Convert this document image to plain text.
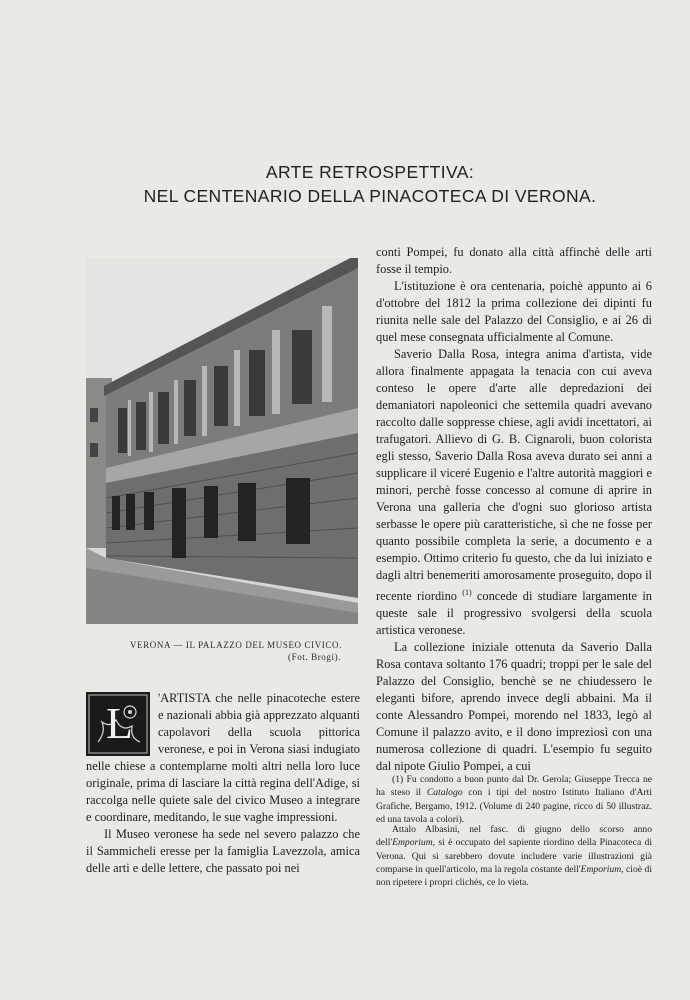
ARTE RETROSPETTIVA:
NEL CENTENARIO DELLA PINACOTECA DI VERONA.
VERONA — IL PALAZZO DEL MUSEO CIVICO.
(Fot. Brogi).

L
'ARTISTA che nelle pinacoteche estere e nazionali abbia già apprezzato alquanti capolavori della scuola pittorica veronese, e poi in Verona siasi indugiato nelle chiese a contemplarne molti altri nella loro luce originale, prima di lasciare la città regina dell'Adige, si raccolga nelle quiete sale del civico Museo a integrare e coordinare, meditando, le sue vaghe impressioni.

Il Museo veronese ha sede nel severo palazzo che il Sammicheli eresse per la famiglia Lavezzola, amica delle arti e delle lettere, che passato poi nei

conti Pompei, fu donato alla città affinchè delle arti fosse il tempio.

L'istituzione è ora centenaria, poichè appunto ai 6 d'ottobre del 1812 la prima collezione dei dipinti fu riunita nelle sale del Palazzo del Consiglio, e ai 26 di quel mese consegnata ufficialmente al Comune.

Saverio Dalla Rosa, integra anima d'artista, vide allora finalmente appagata la tenacia con cui aveva conteso le opere d'arte alle depredazioni dei demaniatori napoleonici che settemila quadri avevano raccolto dalle soppresse chiese, agli avidi incettatori, ai trafugatori. Allievo di G. B. Cignaroli, buon colorista egli stesso, Saverio Dalla Rosa aveva durato sei anni a supplicare il viceré Eugenio e l'altre autorità maggiori e minori, perchè fosse concesso al comune di aprire in Verona una galleria che d'ogni suo glorioso artista serbasse le opere più caratteristiche, sì che ne fosse per quanto possibile completa la serie, a documento e a esempio. Ottimo criterio fu questo, che da lui iniziato e dagli altri benemeriti amorosamente proseguito, dopo il recente riordino $^{(1)}$ concede di studiare largamente in queste sale il progressivo svolgersi della scuola artistica veronese.

La collezione iniziale ottenuta da Saverio Dalla Rosa contava soltanto 176 quadri; troppi per le sale del Palazzo del Consiglio, benchè se ne chiudessero le eleganti bifore, aprendo invece degli abbaini. Ma il conte Alessandro Pompei, morendo nel 1833, legò al Comune il palazzo avito, e il dono impreziosì con una numerosa collezione di quadri. L'esempio fu seguito dal nipote Giulio Pompei, a cui

(1) Fu condotto a buon punto dal Dr. Gerola; Giuseppe Trecca ne ha steso il Catalogo con i tipi del nostro Istituto Italiano d'Arti Grafiche, Bergamo, 1912. (Volume di 240 pagine, ricco di 50 illustraz. ed una tavola a colori).

Attalo Albasini, nel fasc. di giugno dello scorso anno dell'Emporium, si è occupato del sapiente riordino della Pinacoteca di Verona. Qui si sarebbero dovute includere varie illustrazioni già comparse in quell'articolo, ma la regola costante dell'Emporium, cioè di non ripetere i propri clichés, ce lo vieta.
